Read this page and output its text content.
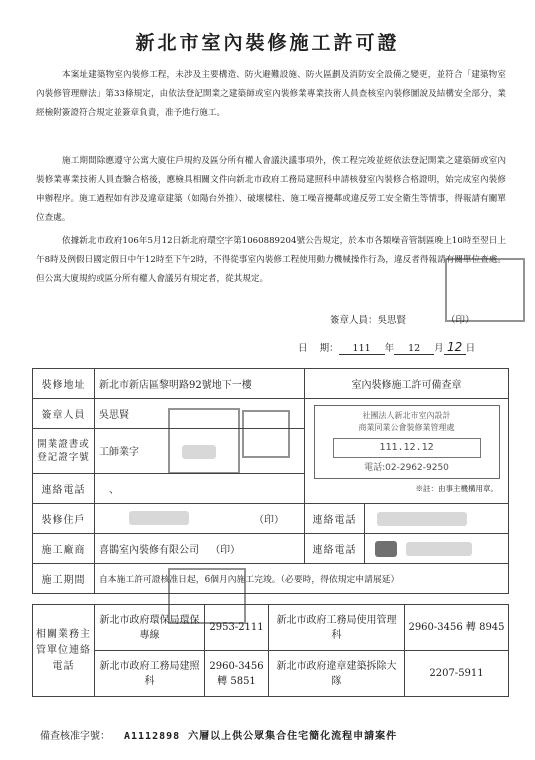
新北市室內裝修施工許可證
本案址建築物室內裝修工程，未涉及主要構造、防火避難設施、防火區劃及消防安全設備之變更，並符合「建築物室內裝修管理辦法」第33條規定，由依法登記開業之建築師或室內裝修業專業技術人員查核室內裝修圖說及結構安全部分，業經檢附簽證符合規定並簽章負責，准予進行施工。
施工期間除應遵守公寓大廈住戶規約及區分所有權人會議決議事項外，俟工程完竣並經依法登記開業之建築師或室內裝修業專業技術人員查驗合格後，應檢具相關文件向新北市政府工務局建照科申請核發室內裝修合格證明，始完成室內裝修申辦程序。施工過程如有涉及違章建築（如陽台外推）、破壞樑柱、施工噪音擾鄰或違反勞工安全衛生等情事，得報請有關單位查處。
依據新北市政府106年5月12日新北府環空字第1060889204號公告規定，於本市各類噪音管制區晚上10時至翌日上午8時及例假日國定假日中午12時至下午2時，不得從事室內裝修工程使用動力機械操作行為，違反者得報請有關單位查處。但公寓大廈規約或區分所有權人會議另有規定者，從其規定。
簽章人員：吳思賢	（印）
日 期： 111 年 12 月 12 日
裝修地址	新北市新店區黎明路92號地下一樓	室內裝修施工許可備查章	
簽章人員	吳思賢	社團法人新北市室內設計
商業同業公會裝修業管理處
111.12.12
電話:02-2962-9250
※註：由事主機構用章。	

開業證書或登記證字號	工師業字		
連絡電話	、		
裝修住戶	（印）	連絡電話	
施工廠商	喜鵲室內裝修有限公司 （印）	連絡電話	
施工期間	自本施工許可證核准日起，6個月內施工完竣。（必要時，得依規定申請展延）		
相關業務主管單位連絡電話	新北市政府環保局環保專線	2953-2111	新北市政府工務局使用管理科	2960-3456 轉 8945
	新北市政府工務局建照科	2960-3456 轉 5851	新北市政府違章建築拆除大隊	2207-5911
備查核准字號： A1112898 六層以上供公眾集合住宅簡化流程申請案件
